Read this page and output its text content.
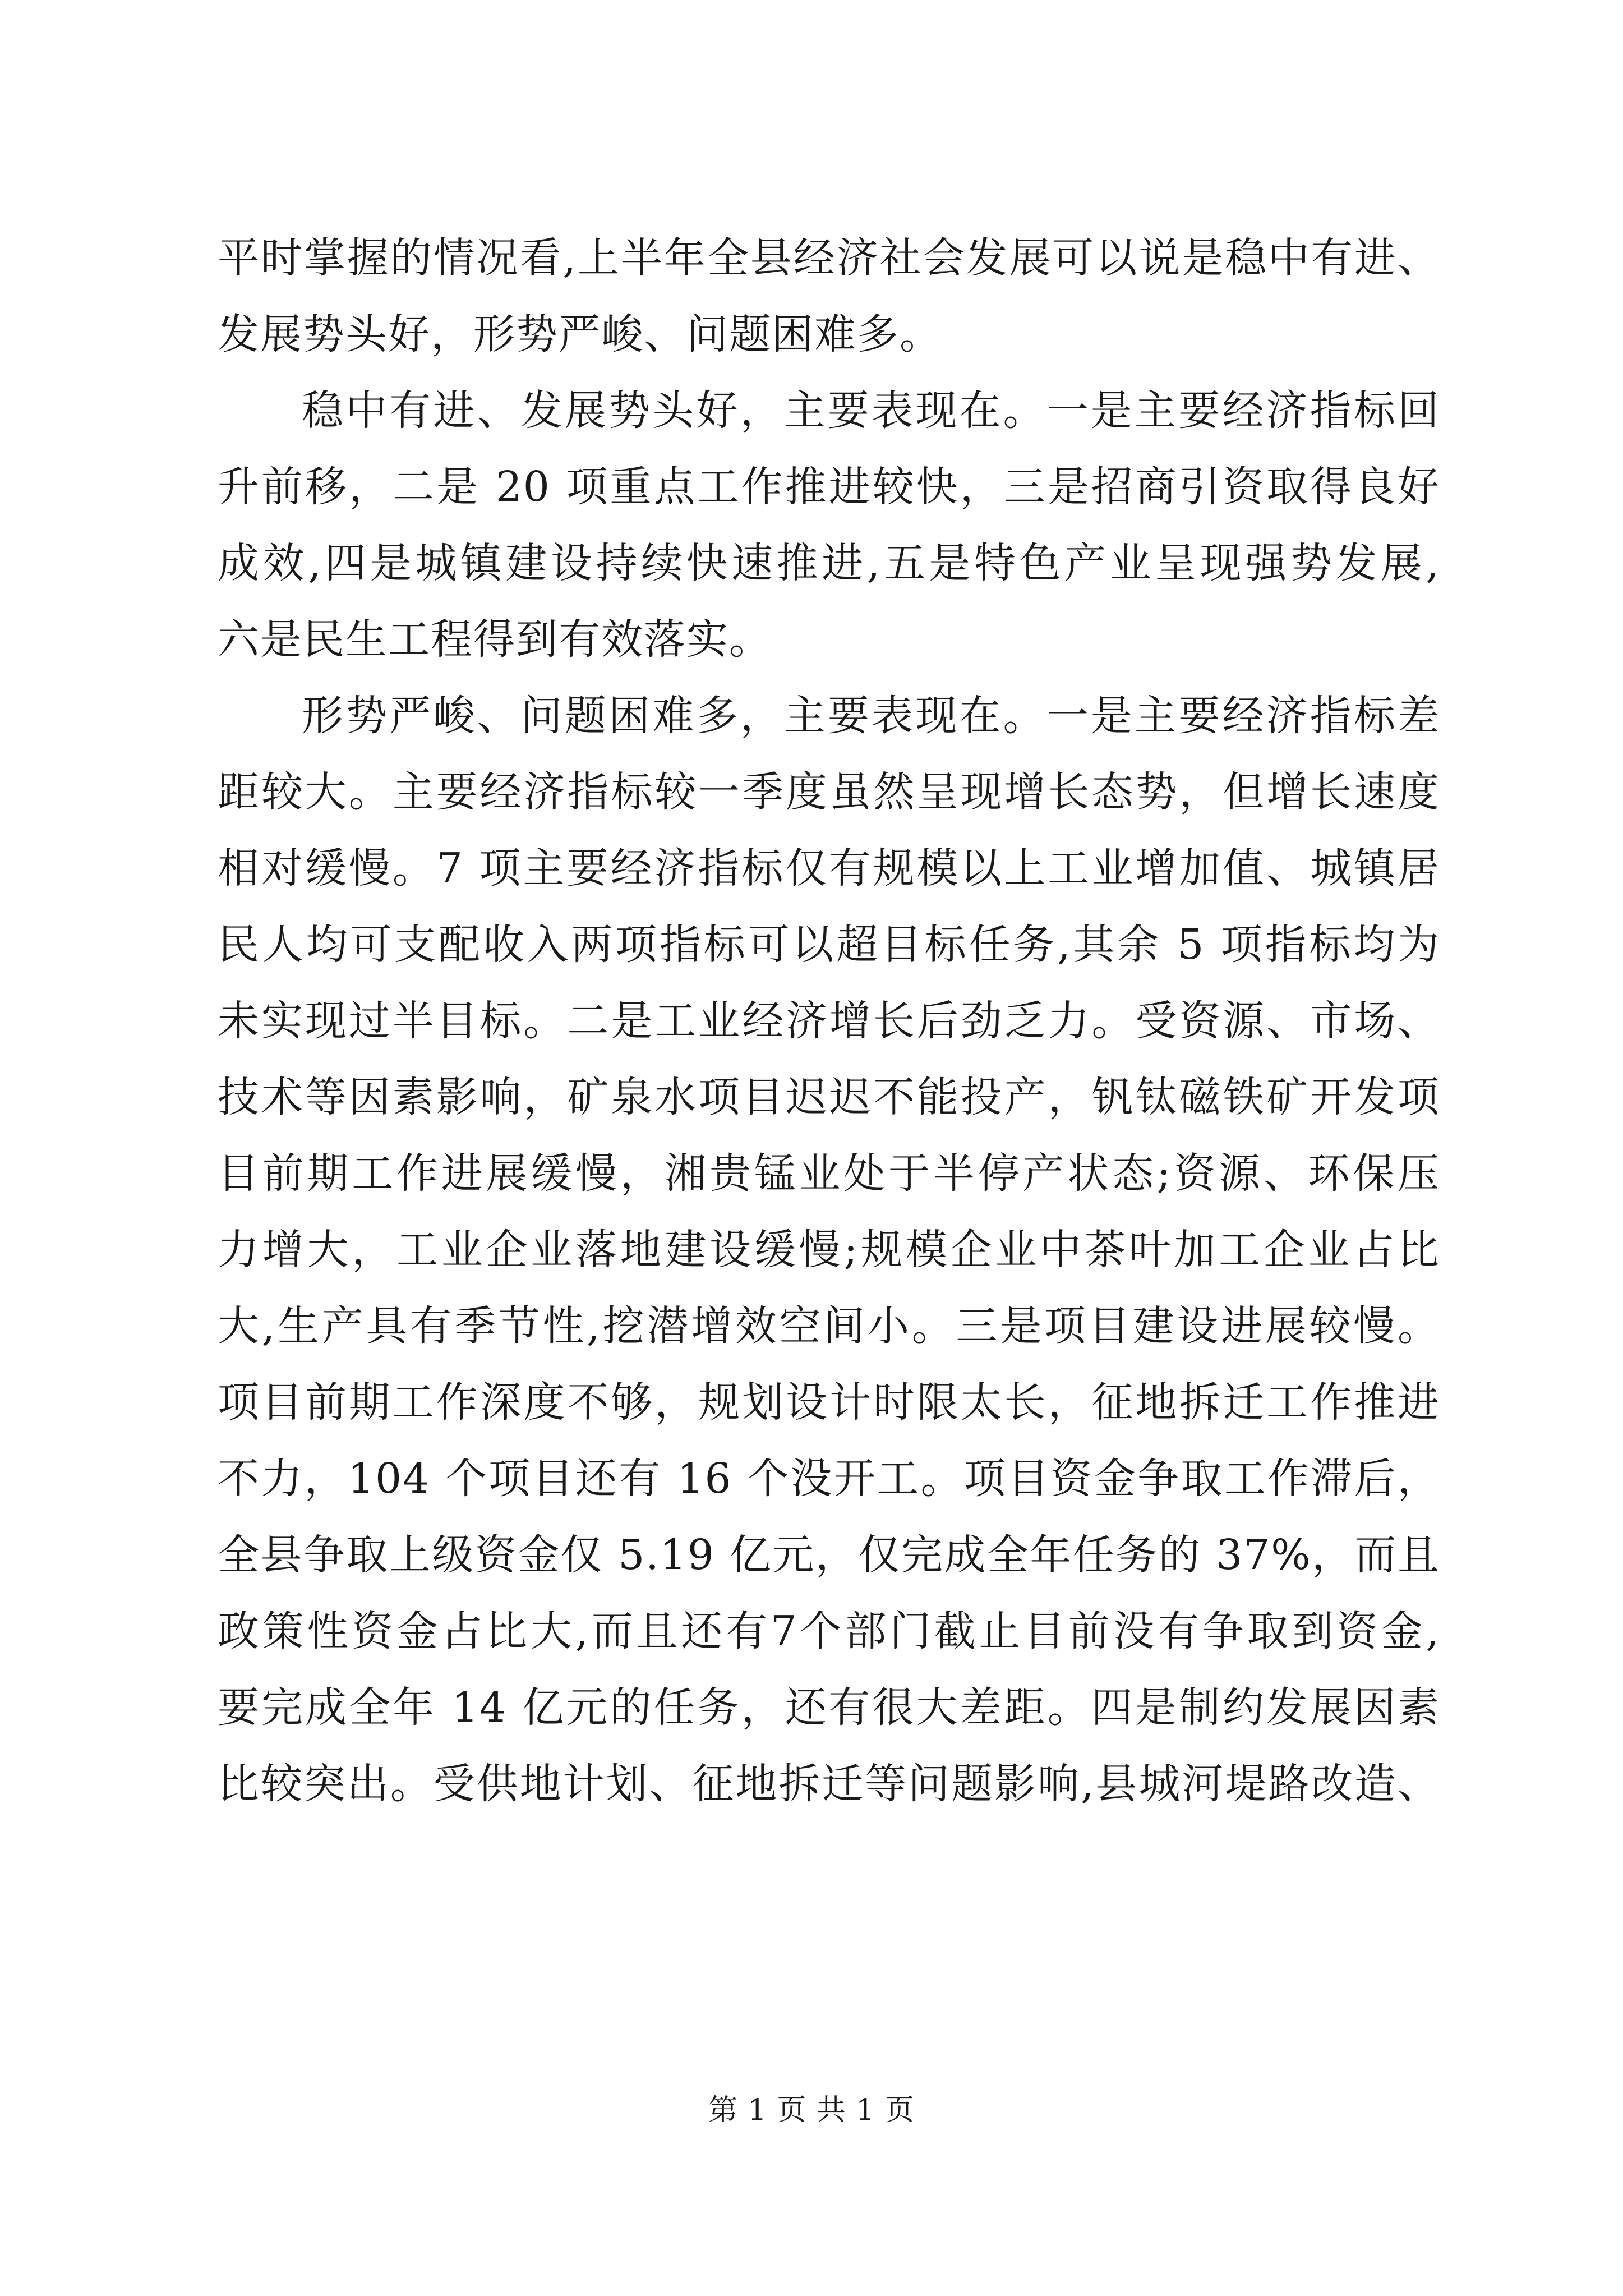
平时掌握的情况看,上半年全县经济社会发展可以说是稳中有进、
发展势头好，形势严峻、问题困难多。
稳中有进、发展势头好，主要表现在。一是主要经济指标回
升前移，二是 20 项重点工作推进较快，三是招商引资取得良好
成效,四是城镇建设持续快速推进,五是特色产业呈现强势发展,
六是民生工程得到有效落实。
形势严峻、问题困难多，主要表现在。一是主要经济指标差
距较大。主要经济指标较一季度虽然呈现增长态势，但增长速度
相对缓慢。7 项主要经济指标仅有规模以上工业增加值、城镇居
民人均可支配收入两项指标可以超目标任务,其余 5 项指标均为
未实现过半目标。二是工业经济增长后劲乏力。受资源、市场、
技术等因素影响，矿泉水项目迟迟不能投产，钒钛磁铁矿开发项
目前期工作进展缓慢，湘贵锰业处于半停产状态;资源、环保压
力增大，工业企业落地建设缓慢;规模企业中茶叶加工企业占比
大,生产具有季节性,挖潜增效空间小。三是项目建设进展较慢。
项目前期工作深度不够，规划设计时限太长，征地拆迁工作推进
不力，104 个项目还有 16 个没开工。项目资金争取工作滞后，
全县争取上级资金仅 5.19 亿元，仅完成全年任务的 37%，而且
政策性资金占比大,而且还有7个部门截止目前没有争取到资金,
要完成全年 14 亿元的任务，还有很大差距。四是制约发展因素
比较突出。受供地计划、征地拆迁等问题影响,县城河堤路改造、
第 1 页 共 1 页
